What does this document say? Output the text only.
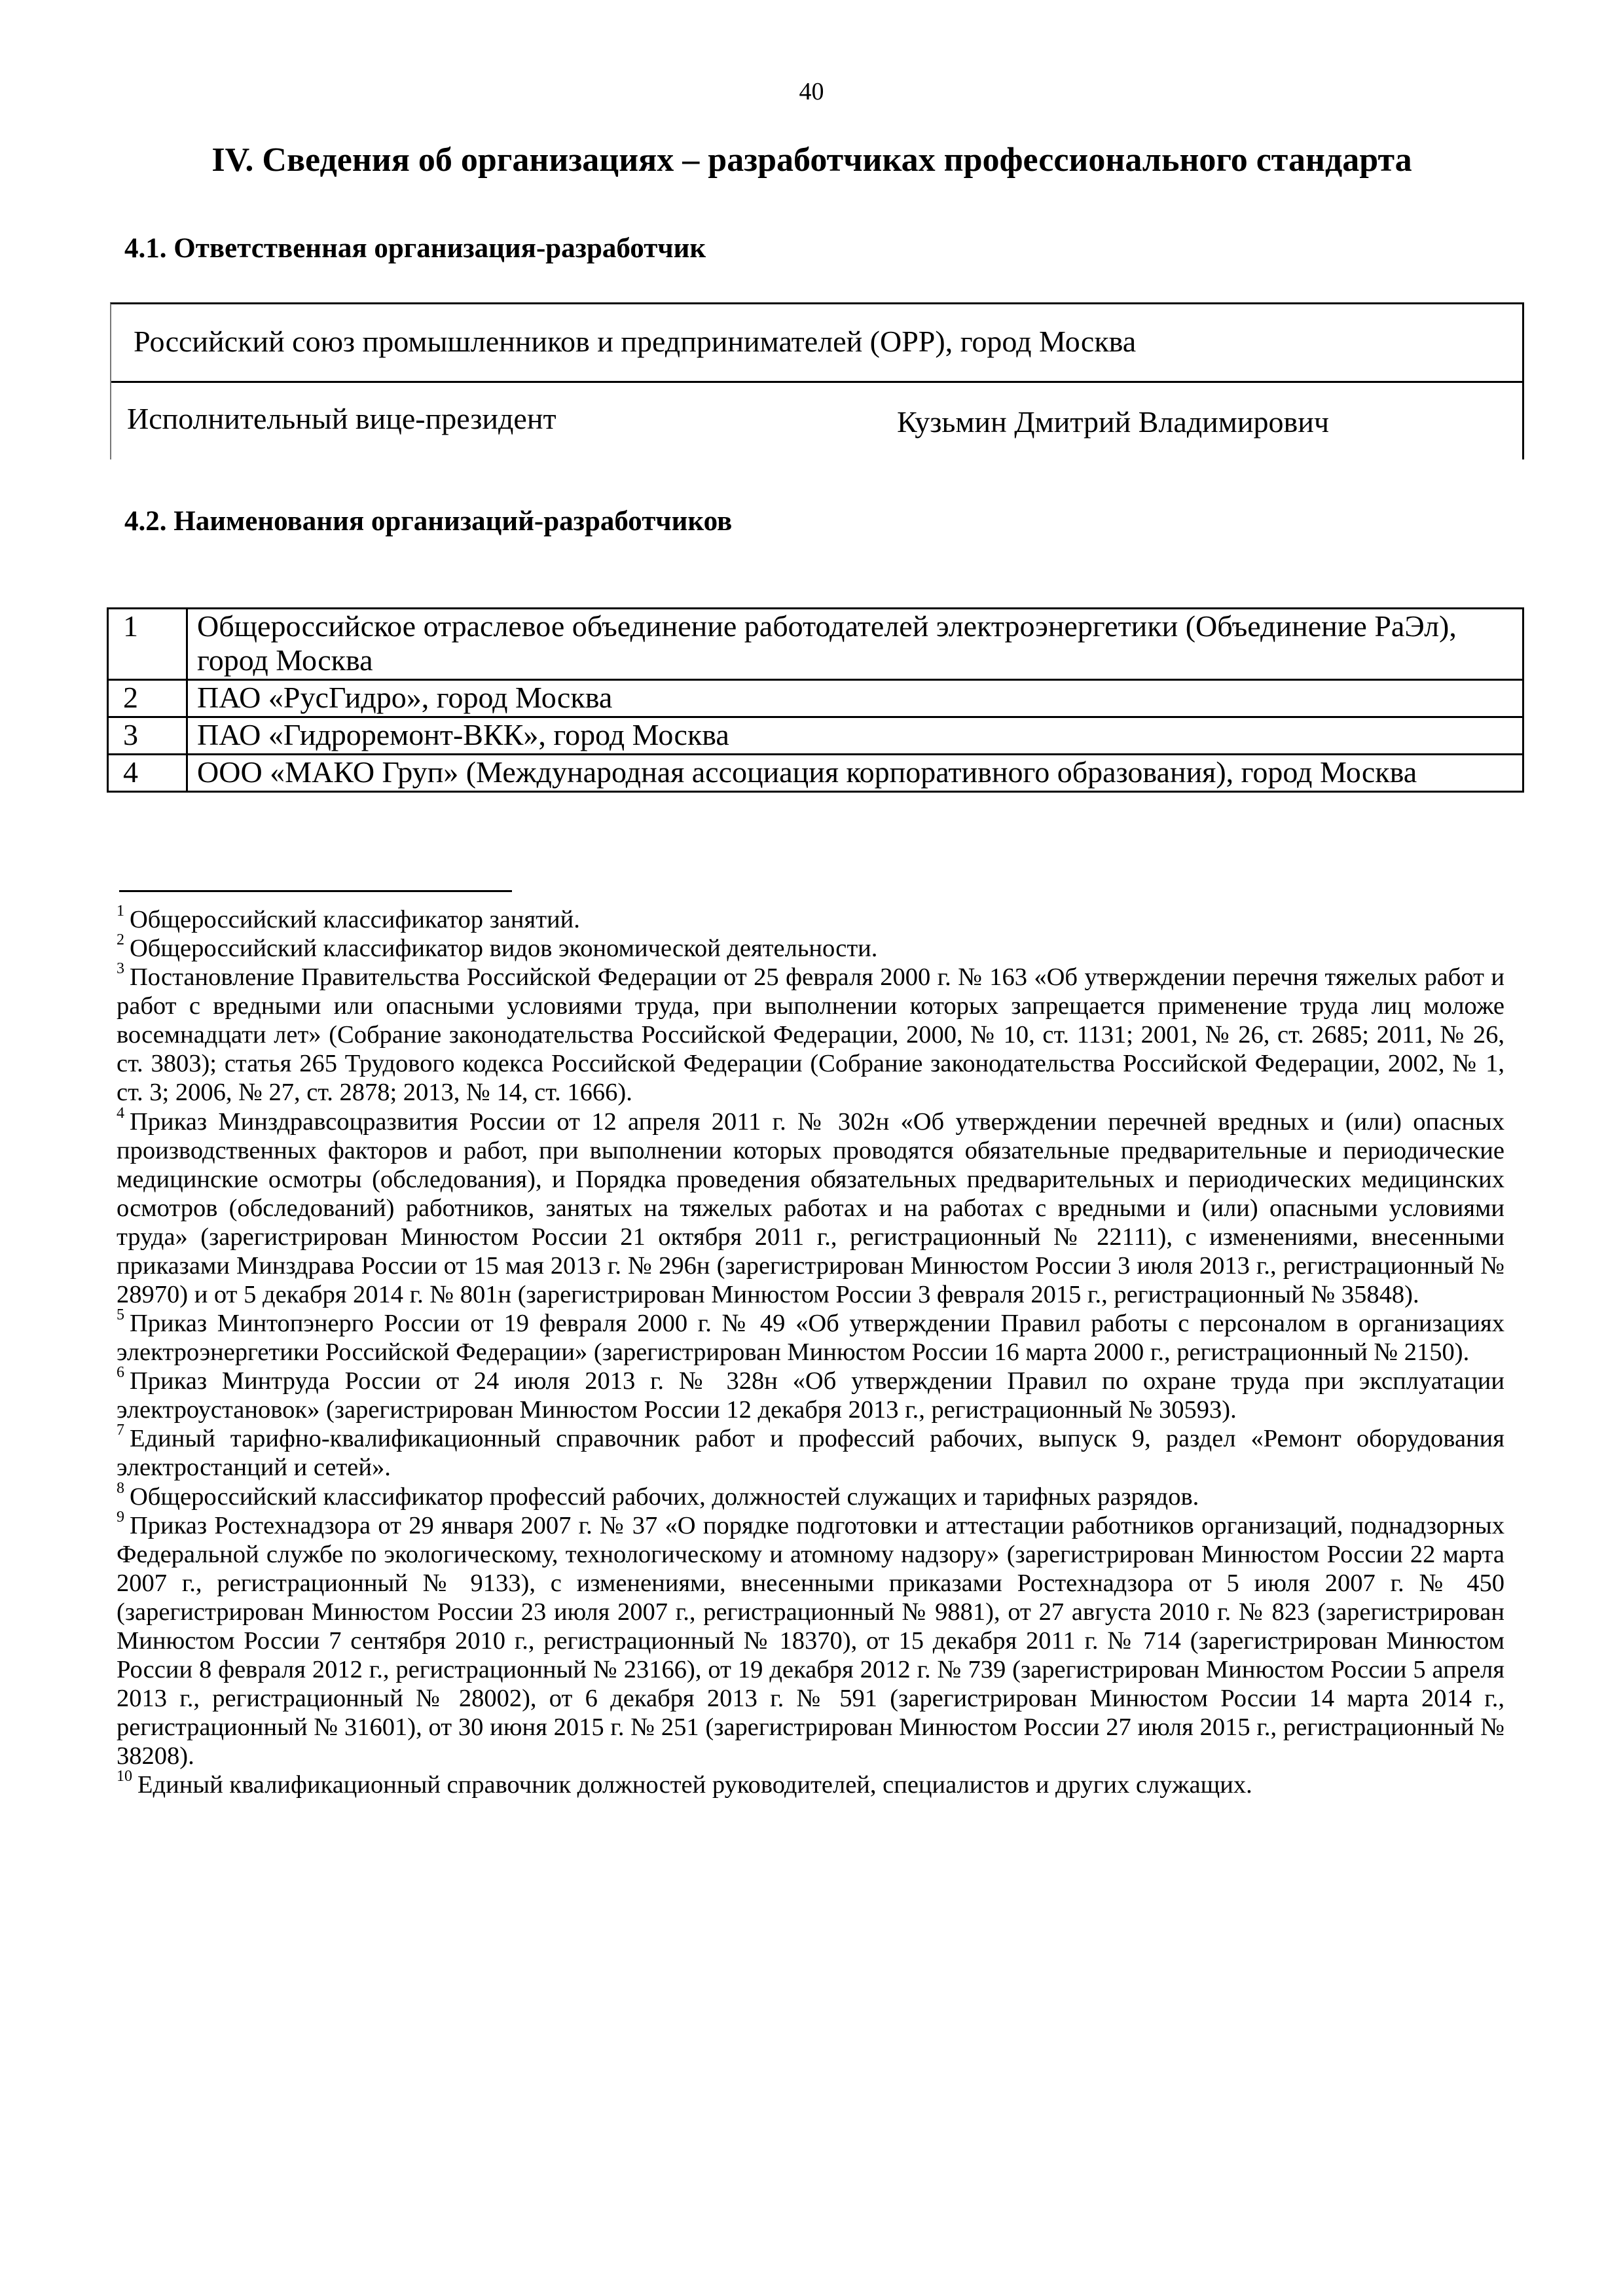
40
IV. Сведения об организациях – разработчиках профессионального стандарта
4.1. Ответственная организация-разработчик
Российский союз промышленников и предпринимателей (ОРР), город Москва
Исполнительный вице-президент	Кузьмин Дмитрий Владимирович
4.2. Наименования организаций-разработчиков
1	Общероссийское отраслевое объединение работодателей электроэнергетики (Объединение РаЭл), город Москва
2	ПАО «РусГидро», город Москва
3	ПАО «Гидроремонт-ВКК», город Москва
4	ООО «МАКО Груп» (Международная ассоциация корпоративного образования), город Москва

$^1$ Общероссийский классификатор занятий.

$^2$ Общероссийский классификатор видов экономической деятельности.

$^3$ Постановление Правительства Российской Федерации от 25 февраля 2000 г. № 163 «Об утверждении перечня тяжелых работ и работ с вредными или опасными условиями труда, при выполнении которых запрещается применение труда лиц моложе восемнадцати лет» (Собрание законодательства Российской Федерации, 2000, № 10, ст. 1131; 2001, № 26, ст. 2685; 2011, № 26, ст. 3803); статья 265 Трудового кодекса Российской Федерации (Собрание законодательства Российской Федерации, 2002, № 1, ст. 3; 2006, № 27, ст. 2878; 2013, № 14, ст. 1666).

$^4$ Приказ Минздравсоцразвития России от 12 апреля 2011 г. № 302н «Об утверждении перечней вредных и (или) опасных производственных факторов и работ, при выполнении которых проводятся обязательные предварительные и периодические медицинские осмотры (обследования), и Порядка проведения обязательных предварительных и периодических медицинских осмотров (обследований) работников, занятых на тяжелых работах и на работах с вредными и (или) опасными условиями труда» (зарегистрирован Минюстом России 21 октября 2011 г., регистрационный № 22111), с изменениями, внесенными приказами Минздрава России от 15 мая 2013 г. № 296н (зарегистрирован Минюстом России 3 июля 2013 г., регистрационный № 28970) и от 5 декабря 2014 г. № 801н (зарегистрирован Минюстом России 3 февраля 2015 г., регистрационный № 35848).

$^5$ Приказ Минтопэнерго России от 19 февраля 2000 г. № 49 «Об утверждении Правил работы с персоналом в организациях электроэнергетики Российской Федерации» (зарегистрирован Минюстом России 16 марта 2000 г., регистрационный № 2150).

$^6$ Приказ Минтруда России от 24 июля 2013 г. № 328н «Об утверждении Правил по охране труда при эксплуатации электроустановок» (зарегистрирован Минюстом России 12 декабря 2013 г., регистрационный № 30593).

$^7$ Единый тарифно-квалификационный справочник работ и профессий рабочих, выпуск 9, раздел «Ремонт оборудования электростанций и сетей».

$^8$ Общероссийский классификатор профессий рабочих, должностей служащих и тарифных разрядов.

$^9$ Приказ Ростехнадзора от 29 января 2007 г. № 37 «О порядке подготовки и аттестации работников организаций, поднадзорных Федеральной службе по экологическому, технологическому и атомному надзору» (зарегистрирован Минюстом России 22 марта 2007 г., регистрационный № 9133), с изменениями, внесенными приказами Ростехнадзора от 5 июля 2007 г. № 450 (зарегистрирован Минюстом России 23 июля 2007 г., регистрационный № 9881), от 27 августа 2010 г. № 823 (зарегистрирован Минюстом России 7 сентября 2010 г., регистрационный № 18370), от 15 декабря 2011 г. № 714 (зарегистрирован Минюстом России 8 февраля 2012 г., регистрационный № 23166), от 19 декабря 2012 г. № 739 (зарегистрирован Минюстом России 5 апреля 2013 г., регистрационный № 28002), от 6 декабря 2013 г. № 591 (зарегистрирован Минюстом России 14 марта 2014 г., регистрационный № 31601), от 30 июня 2015 г. № 251 (зарегистрирован Минюстом России 27 июля 2015 г., регистрационный № 38208).

$^{10}$ Единый квалификационный справочник должностей руководителей, специалистов и других служащих.
